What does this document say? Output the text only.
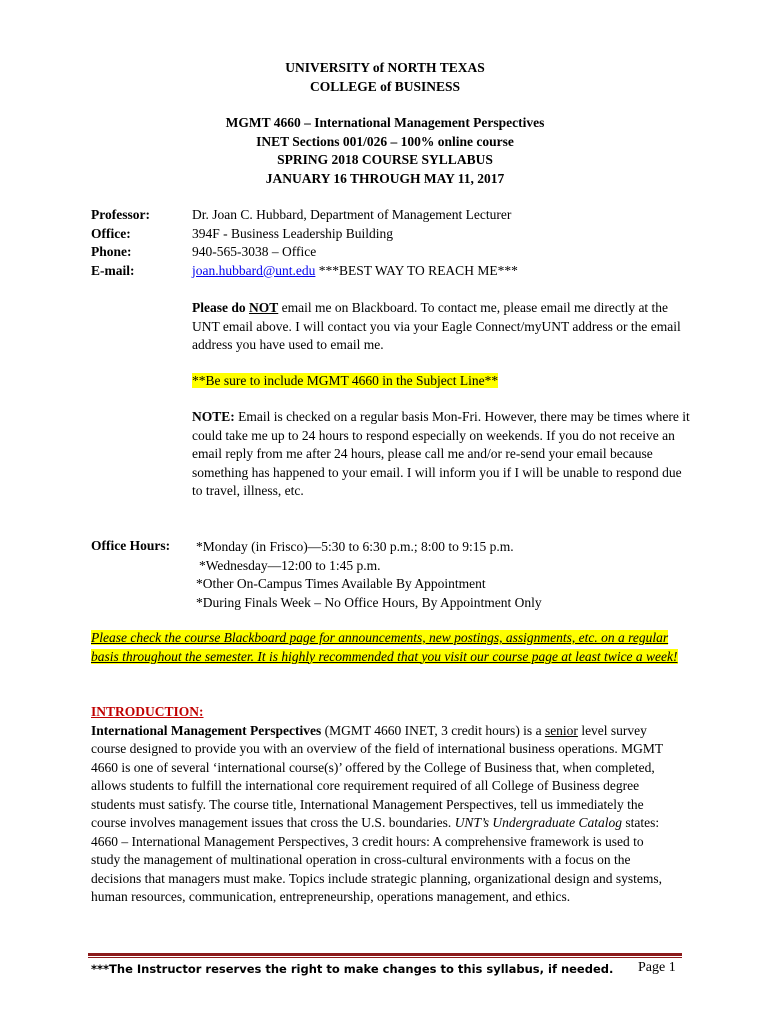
UNIVERSITY of NORTH TEXAS
COLLEGE of BUSINESS
MGMT 4660 – International Management Perspectives
INET Sections 001/026 – 100% online course
SPRING 2018 COURSE SYLLABUS
JANUARY 16 THROUGH MAY 11, 2017
Professor:	Dr. Joan C. Hubbard, Department of Management Lecturer
Office:	394F - Business Leadership Building
Phone:	940-565-3038 – Office
E-mail:	joan.hubbard@unt.edu ***BEST WAY TO REACH ME***
Please do NOT email me on Blackboard. To contact me, please email me directly at the UNT email above. I will contact you via your Eagle Connect/myUNT address or the email address you have used to email me.
**Be sure to include MGMT 4660 in the Subject Line**
NOTE: Email is checked on a regular basis Mon-Fri. However, there may be times where it could take me up to 24 hours to respond especially on weekends. If you do not receive an email reply from me after 24 hours, please call me and/or re-send your email because something has happened to your email. I will inform you if I will be unable to respond due to travel, illness, etc.
Office Hours: *Monday (in Frisco)—5:30 to 6:30 p.m.; 8:00 to 9:15 p.m.
*Wednesday—12:00 to 1:45 p.m.
*Other On-Campus Times Available By Appointment
*During Finals Week – No Office Hours, By Appointment Only
Please check the course Blackboard page for announcements, new postings, assignments, etc. on a regular basis throughout the semester. It is highly recommended that you visit our course page at least twice a week!
INTRODUCTION:
International Management Perspectives (MGMT 4660 INET, 3 credit hours) is a senior level survey course designed to provide you with an overview of the field of international business operations. MGMT 4660 is one of several ‘international course(s)’ offered by the College of Business that, when completed, allows students to fulfill the international core requirement required of all College of Business degree students must satisfy. The course title, International Management Perspectives, tell us immediately the course involves management issues that cross the U.S. boundaries. UNT’s Undergraduate Catalog states: 4660 – International Management Perspectives, 3 credit hours: A comprehensive framework is used to study the management of multinational operation in cross-cultural environments with a focus on the decisions that managers must make. Topics include strategic planning, organizational design and systems, human resources, communication, entrepreneurship, operations management, and ethics.
***The Instructor reserves the right to make changes to this syllabus, if needed. Page 1
